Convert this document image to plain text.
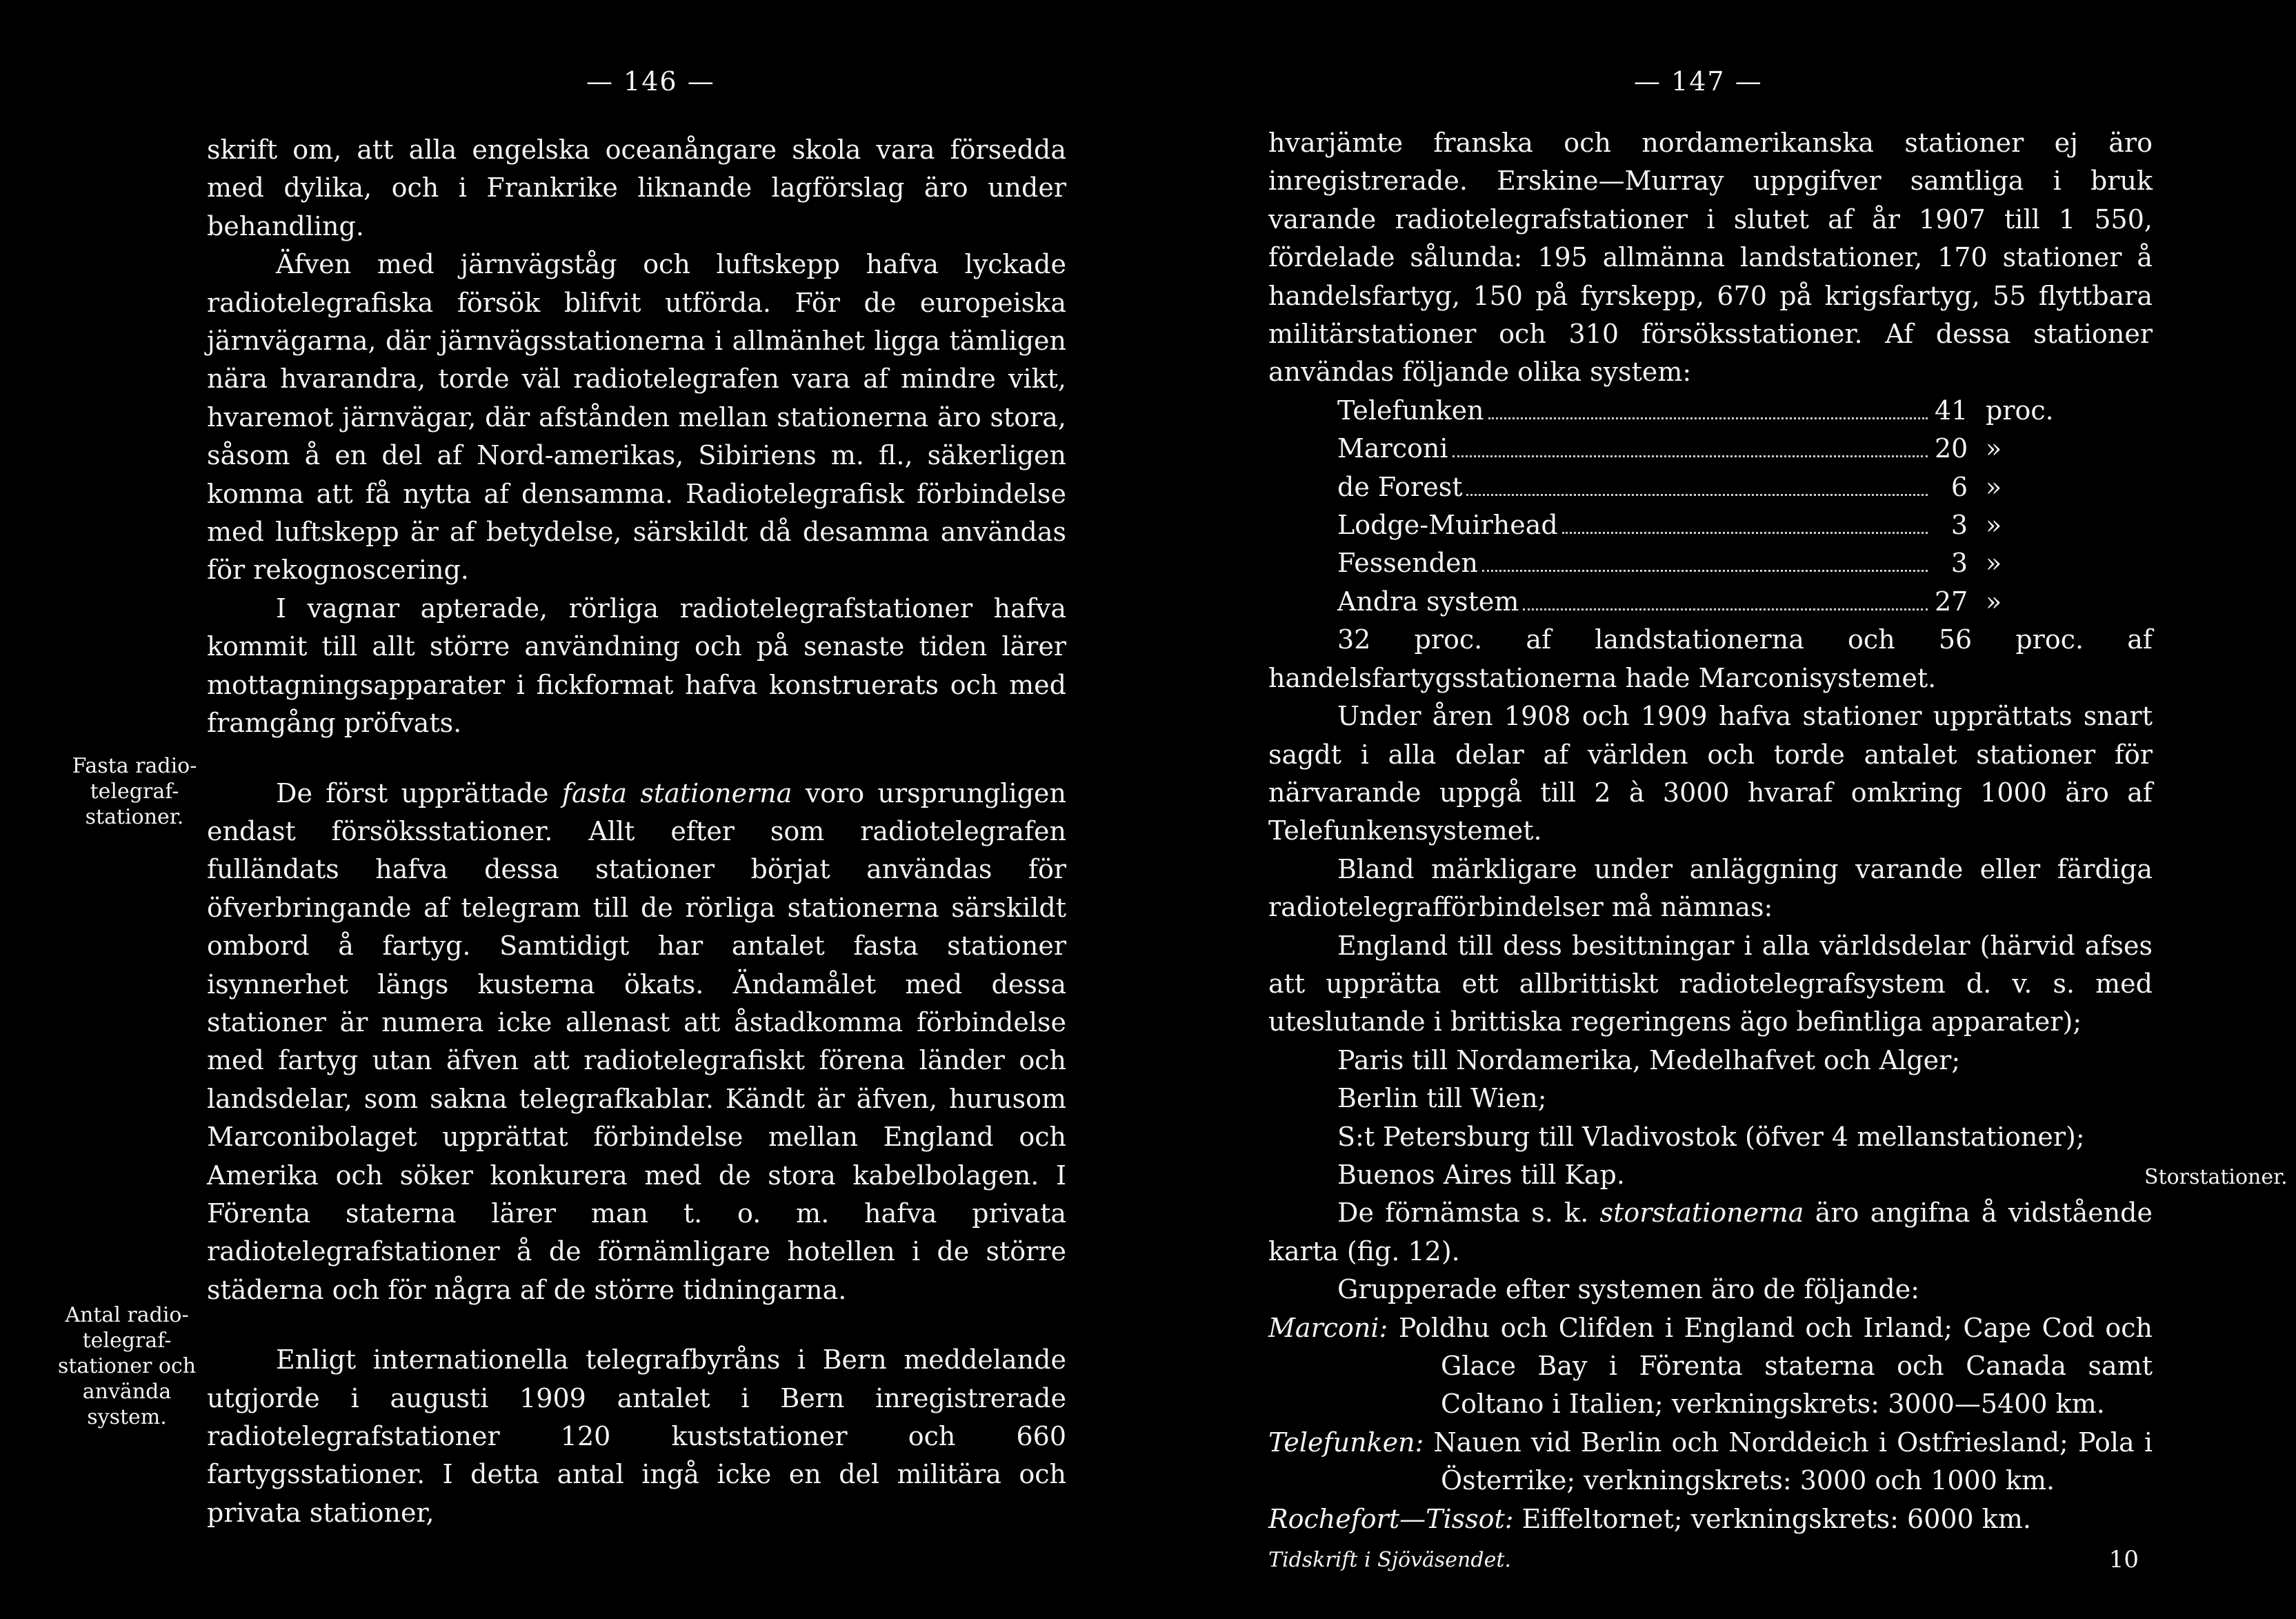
— 146 —

skrift om, att alla engelska oceanångare skola vara försedda med dylika, och i Frankrike liknande lagförslag äro under behandling.

Äfven med järnvägståg och luftskepp hafva lyckade radiotelegrafiska försök blifvit utförda. För de europeiska järnvägarna, där järnvägsstationerna i allmänhet ligga tämligen nära hvarandra, torde väl radiotelegrafen vara af mindre vikt, hvaremot järnvägar, där afstånden mellan stationerna äro stora, såsom å en del af Nord-amerikas, Sibiriens m. fl., säkerligen komma att få nytta af densamma. Radiotelegrafisk förbindelse med luftskepp är af betydelse, särskildt då desamma användas för rekognoscering.

I vagnar apterade, rörliga radiotelegrafstationer hafva kommit till allt större användning och på senaste tiden lärer mottagningsapparater i fickformat hafva konstruerats och med framgång pröfvats.

De först upprättade fasta stationerna voro ursprungligen endast försöksstationer. Allt efter som radiotelegrafen fulländats hafva dessa stationer börjat användas för öfverbringande af telegram till de rörliga stationerna särskildt ombord å fartyg. Samtidigt har antalet fasta stationer isynnerhet längs kusterna ökats. Ändamålet med dessa stationer är numera icke allenast att åstadkomma förbindelse med fartyg utan äfven att radiotelegrafiskt förena länder och landsdelar, som sakna telegrafkablar. Kändt är äfven, hurusom Marconibolaget upprättat förbindelse mellan England och Amerika och söker konkurera med de stora kabelbolagen. I Förenta staterna lärer man t. o. m. hafva privata radiotelegrafstationer å de förnämligare hotellen i de större städerna och för några af de större tidningarna.

Enligt internationella telegrafbyråns i Bern meddelande utgjorde i augusti 1909 antalet i Bern inregistrerade radiotelegrafstationer 120 kuststationer och 660 fartygsstationer. I detta antal ingå icke en del militära och privata stationer,

Fasta radio-telegraf-stationer.
Antal radio-telegraf-stationer och använda system.
— 147 —

hvarjämte franska och nordamerikanska stationer ej äro inregistrerade. Erskine—Murray uppgifver samtliga i bruk varande radiotelegrafstationer i slutet af år 1907 till 1 550, fördelade sålunda: 195 allmänna landstationer, 170 stationer å handelsfartyg, 150 på fyrskepp, 670 på krigsfartyg, 55 flyttbara militärstationer och 310 försöksstationer. Af dessa stationer användas följande olika system:

Telefunken	41 proc.
Marconi	20 »
de Forest	6 »
Lodge-Muirhead	3 »
Fessenden	3 »
Andra system	27 »

32 proc. af landstationerna och 56 proc. af handelsfartygsstationerna hade Marconisystemet.

Under åren 1908 och 1909 hafva stationer upprättats snart sagdt i alla delar af världen och torde antalet stationer för närvarande uppgå till 2 à 3000 hvaraf omkring 1000 äro af Telefunkensystemet.

Bland märkligare under anläggning varande eller färdiga radiotelegrafförbindelser må nämnas:

England till dess besittningar i alla världsdelar (härvid afses att upprätta ett allbrittiskt radiotelegrafsystem d. v. s. med uteslutande i brittiska regeringens ägo befintliga apparater);

Paris till Nordamerika, Medelhafvet och Alger;

Berlin till Wien;

S:t Petersburg till Vladivostok (öfver 4 mellanstationer);

Buenos Aires till Kap.

De förnämsta s. k. storstationerna äro angifna å vidstående karta (fig. 12).

Grupperade efter systemen äro de följande:

Marconi: Poldhu och Clifden i England och Irland; Cape Cod och Glace Bay i Förenta staterna och Canada samt Coltano i Italien; verkningskrets: 3000—5400 km.

Telefunken: Nauen vid Berlin och Norddeich i Ostfriesland; Pola i Österrike; verkningskrets: 3000 och 1000 km.

Rochefort—Tissot: Eiffeltornet; verkningskrets: 6000 km.

Tidskrift i Sjöväsendet.	10
Storstationer.
